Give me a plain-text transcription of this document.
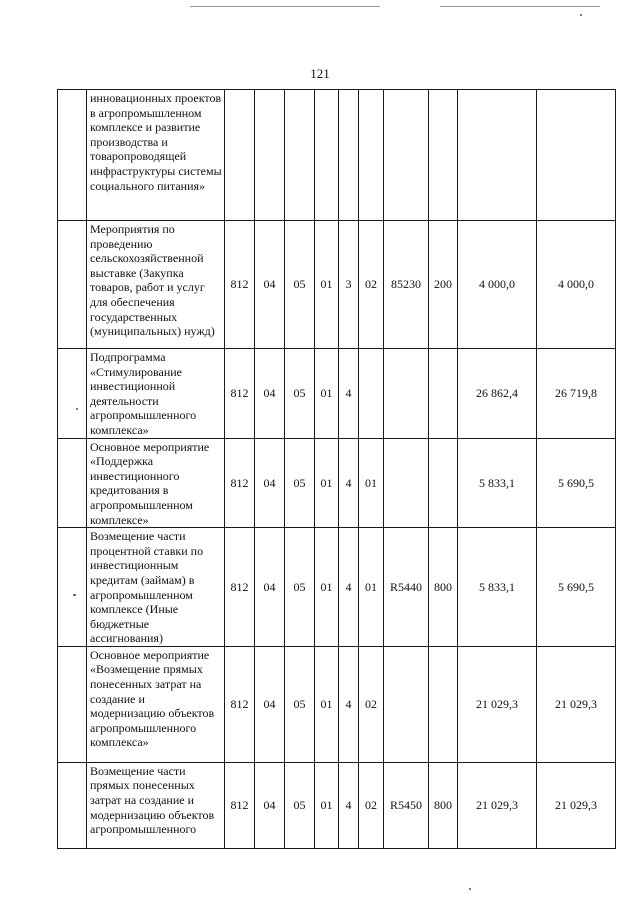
121
	инновационных проектов в агропромышленном комплексе и развитие производства и товаропроводящей инфраструктуры системы социального питания»										
	Мероприятия по проведению сельскохозяйственной выставке (Закупка товаров, работ и услуг для обеспечения государственных (муниципальных) нужд)	812	04	05	01	3	02	85230	200	4 000,0	4 000,0
	Подпрограмма «Стимулирование инвестиционной деятельности агропромышленного комплекса»	812	04	05	01	4				26 862,4	26 719,8
	Основное мероприятие «Поддержка инвестиционного кредитования в агропромышленном комплексе»	812	04	05	01	4	01			5 833,1	5 690,5
	Возмещение части процентной ставки по инвестиционным кредитам (займам) в агропромышленном комплексе (Иные бюджетные ассигнования)	812	04	05	01	4	01	R5440	800	5 833,1	5 690,5
	Основное мероприятие «Возмещение прямых понесенных затрат на создание и модернизацию объектов агропромышленного комплекса»	812	04	05	01	4	02			21 029,3	21 029,3
	Возмещение части прямых понесенных затрат на создание и модернизацию объектов агропромышленного	812	04	05	01	4	02	R5450	800	21 029,3	21 029,3
